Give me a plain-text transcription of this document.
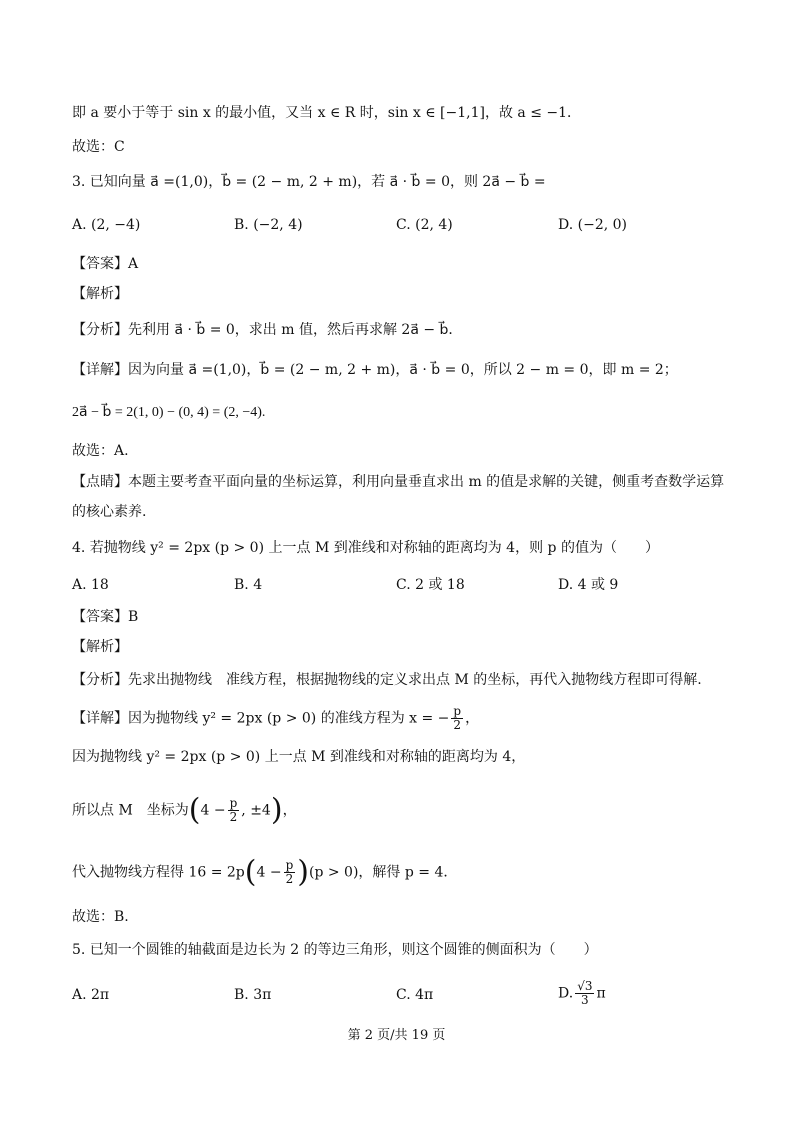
即 a 要小于等于 sin x 的最小值，又当 x ∈ R 时，sin x ∈ [−1,1]，故 a ≤ −1．
故选：C
3. 已知向量 a⃗ =(1,0)，b⃗ = (2 − m, 2 + m)，若 a⃗ · b⃗ = 0，则 2a⃗ − b⃗ =
A. (2, −4)	B. (−2, 4)	C. (2, 4)	D. (−2, 0)
【答案】A
【解析】
【分析】先利用 a⃗ · b⃗ = 0，求出 m 值，然后再求解 2a⃗ − b⃗．
【详解】因为向量 a⃗ =(1,0)，b⃗ = (2 − m, 2 + m)，a⃗ · b⃗ = 0，所以 2 − m = 0，即 m = 2；
2a⃗ − b⃗ = 2(1, 0) − (0, 4) = (2, −4).
故选：A.
【点睛】本题主要考查平面向量的坐标运算，利用向量垂直求出 m 的值是求解的关键，侧重考查数学运算
的核心素养.
4. 若抛物线 y² = 2px (p > 0) 上一点 M 到准线和对称轴的距离均为 4，则 p 的值为（　　）
A. 18	B. 4	C. 2 或 18	D. 4 或 9
【答案】B
【解析】
【分析】先求出抛物线　准线方程，根据抛物线的定义求出点 M 的坐标，再代入抛物线方程即可得解.
【详解】因为抛物线 y² = 2px (p > 0) 的准线方程为 x = − $\frac{p}{2}$ ，
因为抛物线 y² = 2px (p > 0) 上一点 M 到准线和对称轴的距离均为 4，
所以点 M　坐标为($4 - \frac{p}{2}$ , ±4)，
代入抛物线方程得 $16 = 2p(4 - \frac{p}{2} )(p > 0)$，解得 p = 4．
故选：B.
5. 已知一个圆锥的轴截面是边长为 2 的等边三角形，则这个圆锥的侧面积为（　　）
A. 2π	B. 3π	C. 4π	D. $\frac{√3}{3}$ π
第 2 页/共 19 页
